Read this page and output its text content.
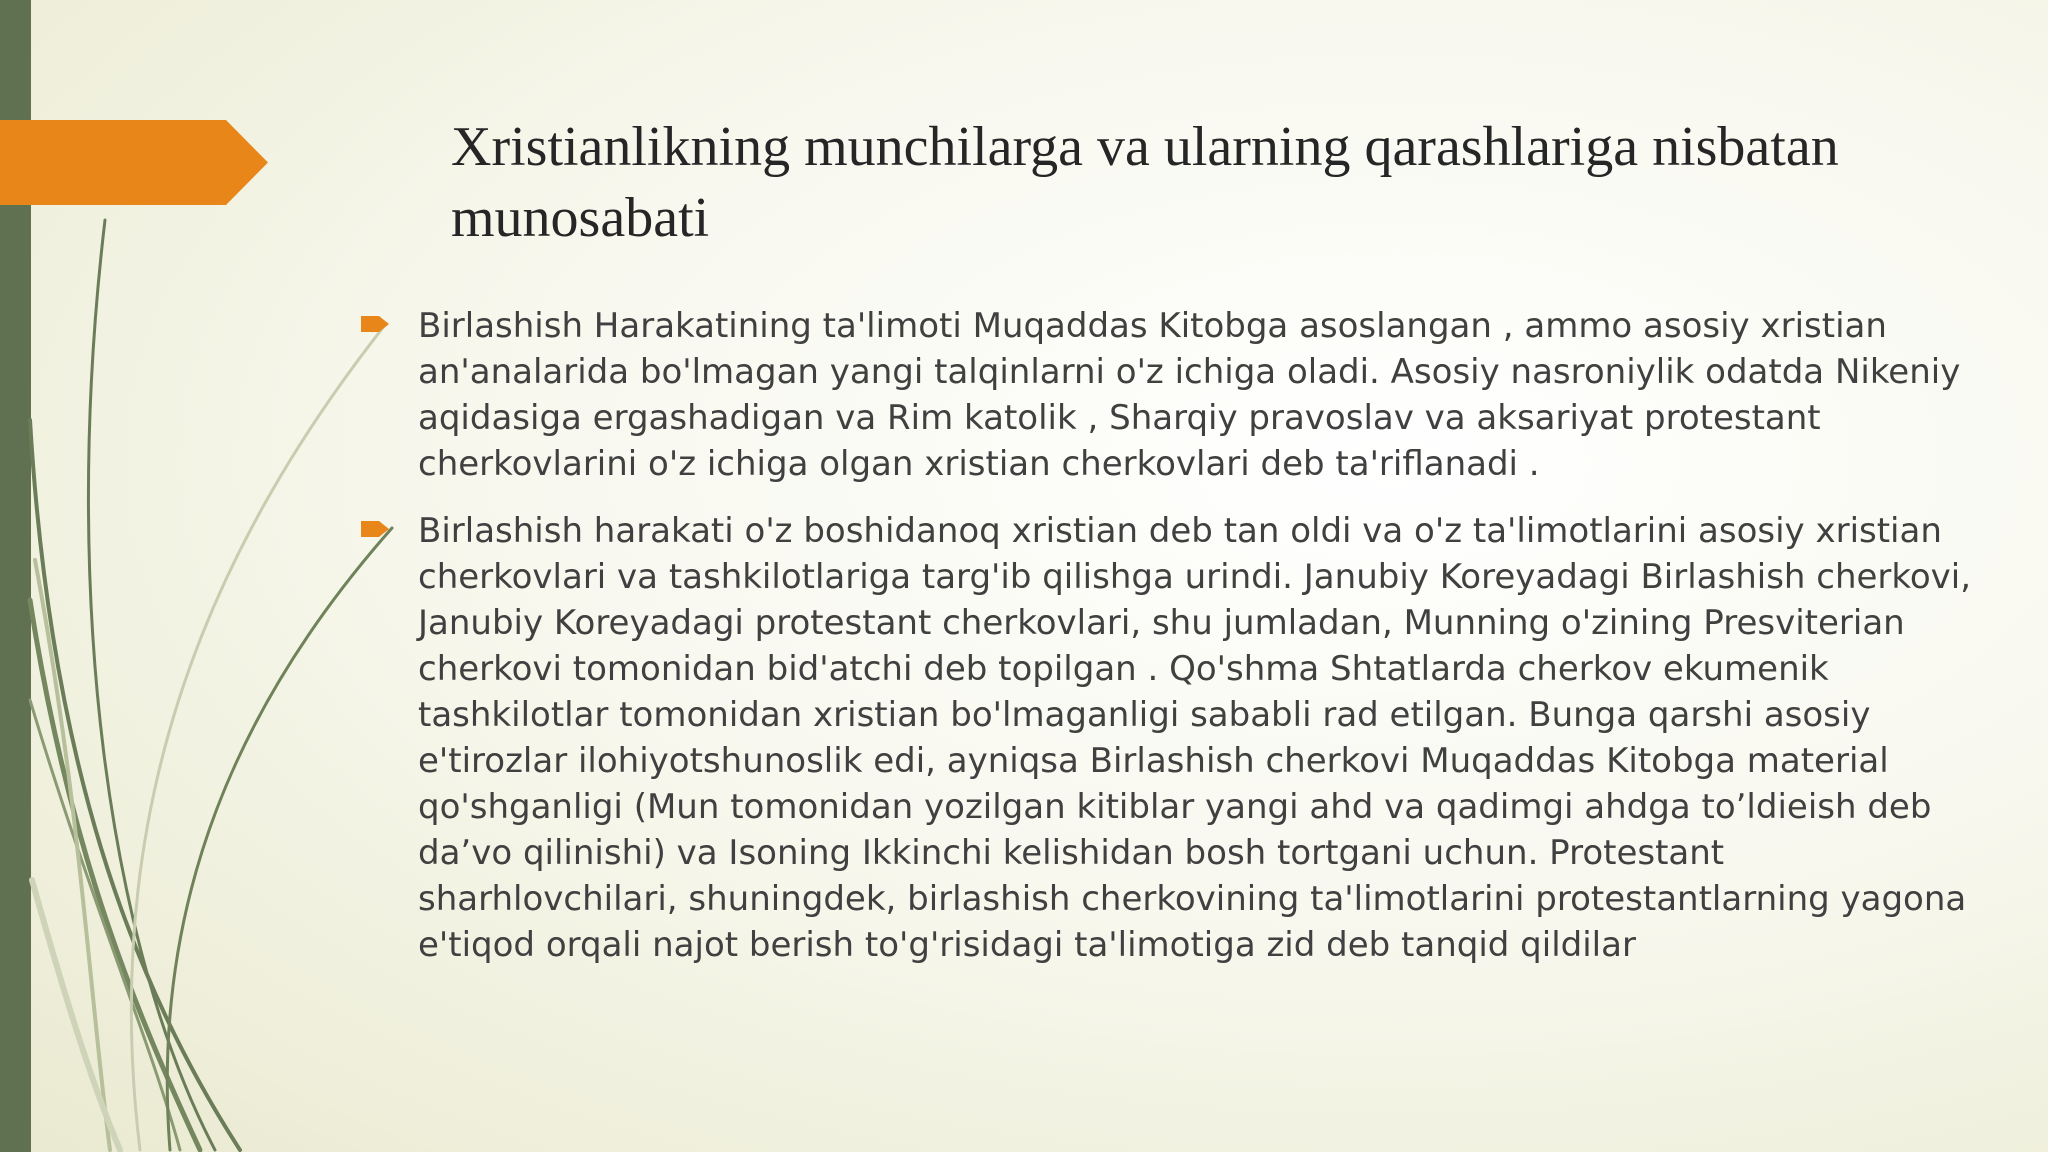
Xristianlikning munchilarga va ularning qarashlariga nisbatan munosabati
Birlashish Harakatining ta'limoti Muqaddas Kitobga asoslangan , ammo asosiy xristian an'analarida bo'lmagan yangi talqinlarni o'z ichiga oladi. Asosiy nasroniylik odatda Nikeniy aqidasiga ergashadigan va Rim katolik , Sharqiy pravoslav va aksariyat protestant cherkovlarini o'z ichiga olgan xristian cherkovlari deb ta'riflanadi .
Birlashish harakati o'z boshidanoq xristian deb tan oldi va o'z ta'limotlarini asosiy xristian cherkovlari va tashkilotlariga targ'ib qilishga urindi. Janubiy Koreyadagi Birlashish cherkovi, Janubiy Koreyadagi protestant cherkovlari, shu jumladan, Munning o'zining Presviterian cherkovi tomonidan bid'atchi deb topilgan . Qo'shma Shtatlarda cherkov ekumenik tashkilotlar tomonidan xristian bo'lmaganligi sababli rad etilgan. Bunga qarshi asosiy e'tirozlar ilohiyotshunoslik edi, ayniqsa Birlashish cherkovi Muqaddas Kitobga material qo'shganligi (Mun tomonidan yozilgan kitiblar yangi ahd va qadimgi ahdga to’ldieish deb da’vo qilinishi) va Isoning Ikkinchi kelishidan bosh tortgani uchun. Protestant sharhlovchilari, shuningdek, birlashish cherkovining ta'limotlarini protestantlarning yagona e'tiqod orqali najot berish to'g'risidagi ta'limotiga zid deb tanqid qildilar
